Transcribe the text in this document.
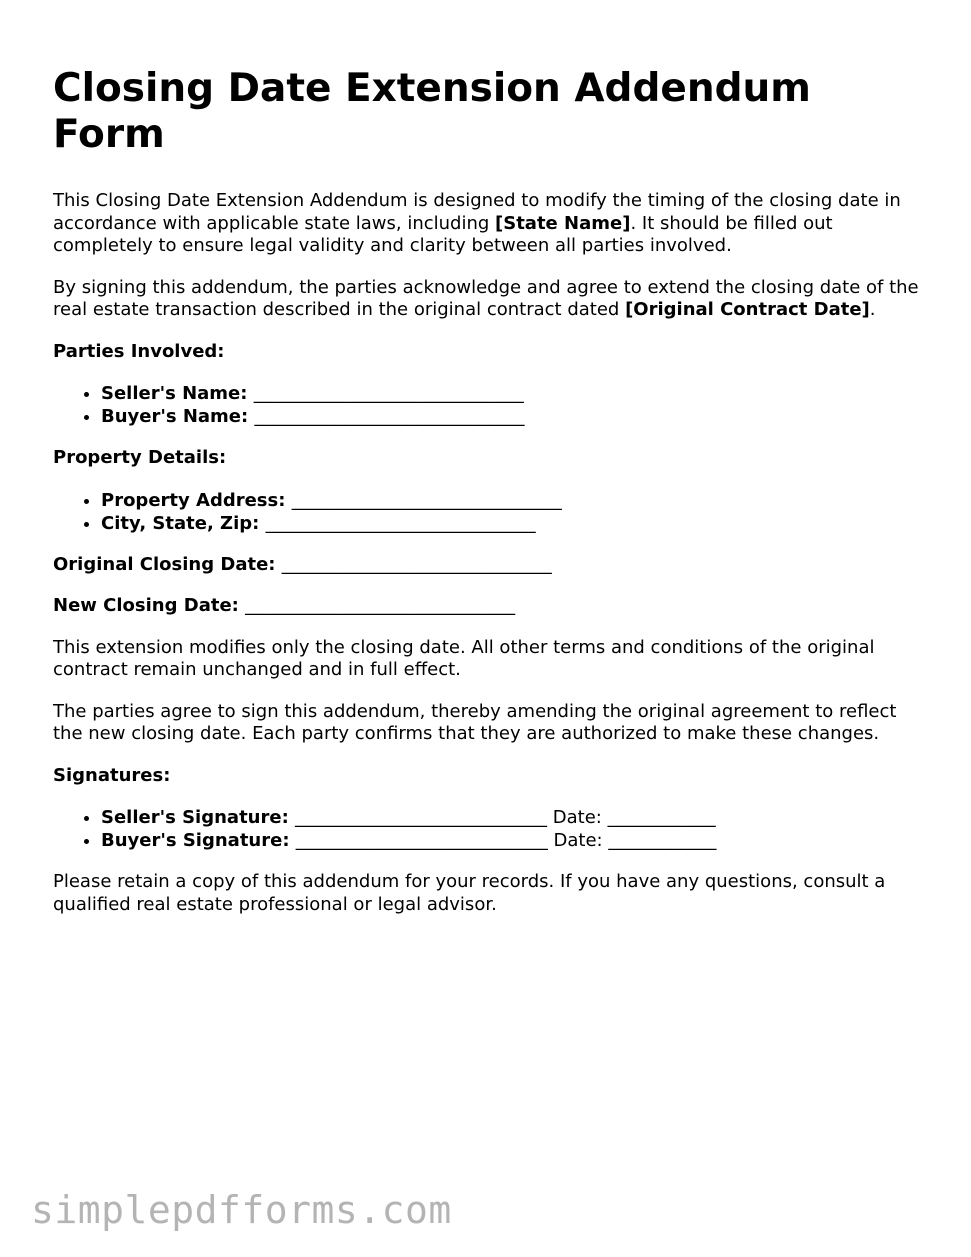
Closing Date Extension Addendum Form

This Closing Date Extension Addendum is designed to modify the timing of the closing date in accordance with applicable state laws, including [State Name]. It should be filled out completely to ensure legal validity and clarity between all parties involved.

By signing this addendum, the parties acknowledge and agree to extend the closing date of the real estate transaction described in the original contract dated [Original Contract Date].

Parties Involved:

• Seller's Name: ______________________________
• Buyer's Name: ______________________________

Property Details:

• Property Address: ______________________________
• City, State, Zip: ______________________________

Original Closing Date: ______________________________

New Closing Date: ______________________________

This extension modifies only the closing date. All other terms and conditions of the original contract remain unchanged and in full effect.

The parties agree to sign this addendum, thereby amending the original agreement to reflect the new closing date. Each party confirms that they are authorized to make these changes.

Signatures:

• Seller's Signature: ____________________________ Date: ____________
• Buyer's Signature: ____________________________ Date: ____________

Please retain a copy of this addendum for your records. If you have any questions, consult a qualified real estate professional or legal advisor.

simplepdfforms.com
